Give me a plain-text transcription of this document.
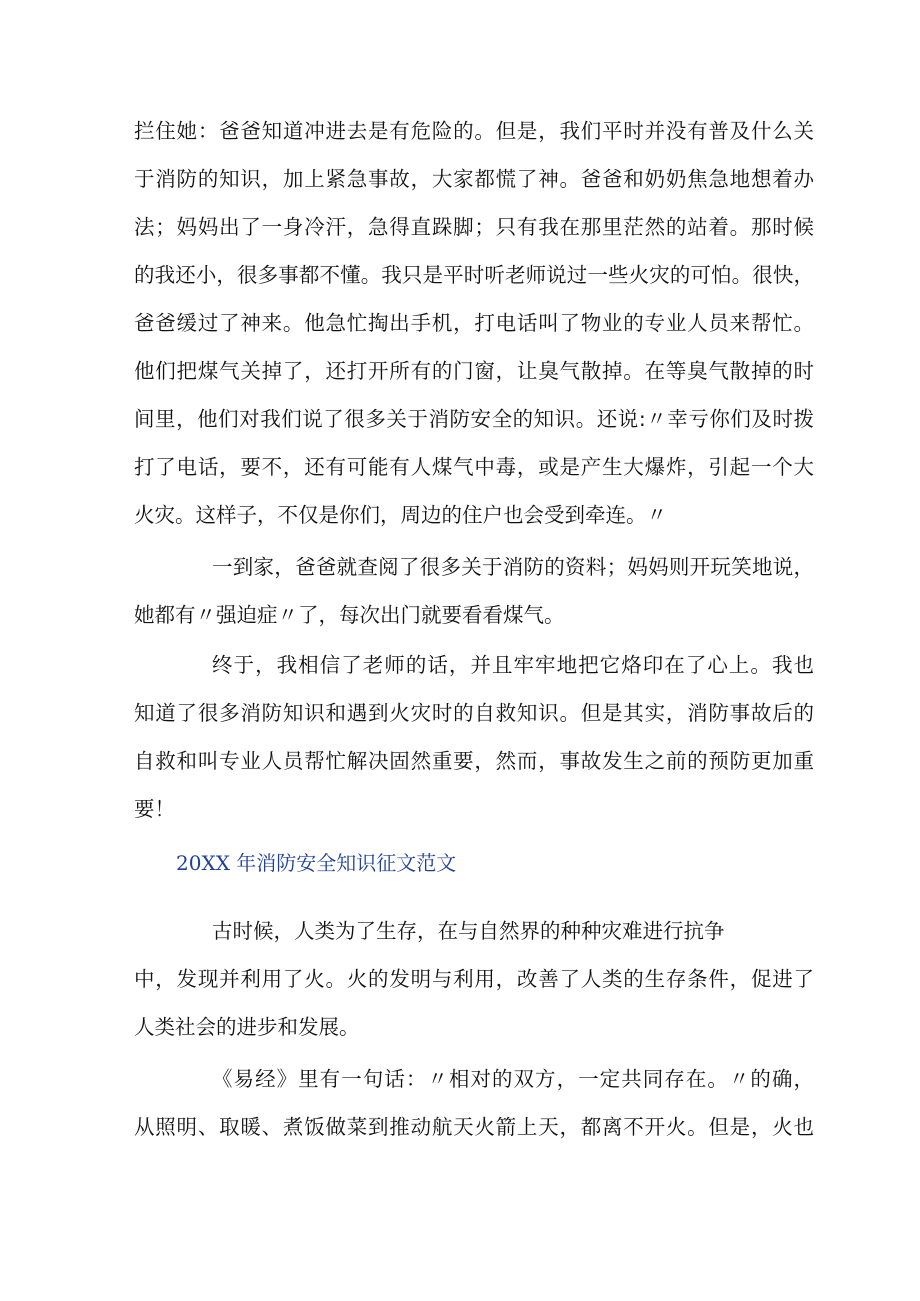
拦住她：爸爸知道冲进去是有危险的。但是，我们平时并没有普及什么关
于消防的知识，加上紧急事故，大家都慌了神。爸爸和奶奶焦急地想着办
法；妈妈出了一身冷汗，急得直跺脚；只有我在那里茫然的站着。那时候
的我还小，很多事都不懂。我只是平时听老师说过一些火灾的可怕。很快，
爸爸缓过了神来。他急忙掏出手机，打电话叫了物业的专业人员来帮忙。
他们把煤气关掉了，还打开所有的门窗，让臭气散掉。在等臭气散掉的时
间里，他们对我们说了很多关于消防安全的知识。还说:〃幸亏你们及时拨
打了电话，要不，还有可能有人煤气中毒，或是产生大爆炸，引起一个大
火灾。这样子，不仅是你们，周边的住户也会受到牵连。〃
一到家，爸爸就查阅了很多关于消防的资料；妈妈则开玩笑地说，
她都有〃强迫症〃了，每次出门就要看看煤气。
终于，我相信了老师的话，并且牢牢地把它烙印在了心上。我也
知道了很多消防知识和遇到火灾时的自救知识。但是其实，消防事故后的
自救和叫专业人员帮忙解决固然重要，然而，事故发生之前的预防更加重
要！
20XX 年消防安全知识征文范文
古时候，人类为了生存，在与自然界的种种灾难进行抗争
中，发现并利用了火。火的发明与利用，改善了人类的生存条件，促进了
人类社会的进步和发展。
《易经》里有一句话：〃相对的双方，一定共同存在。〃的确，
从照明、取暖、煮饭做菜到推动航天火箭上天，都离不开火。但是，火也
